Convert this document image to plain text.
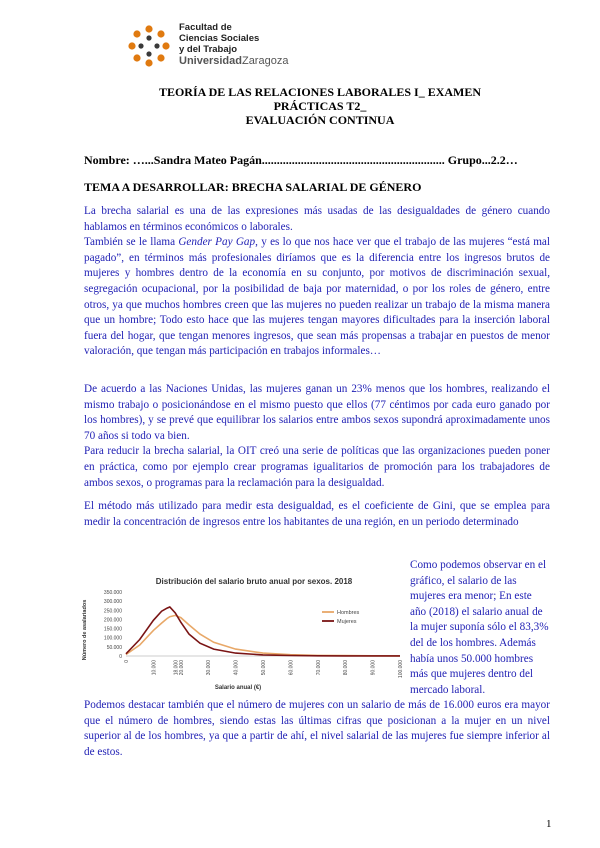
Facultad de
Ciencias Sociales
y del Trabajo
UniversidadZaragoza
TEORÍA DE LAS RELACIONES LABORALES I_ EXAMEN
PRÁCTICAS T2_
EVALUACIÓN CONTINUA
Nombre: …...Sandra Mateo Pagán............................................................. Grupo...2.2…
TEMA A DESARROLLAR: BRECHA SALARIAL DE GÉNERO

La brecha salarial es una de las expresiones más usadas de las desigualdades de género cuando hablamos en términos económicos o laborales.

También se le llama Gender Pay Gap, y es lo que nos hace ver que el trabajo de las mujeres “está mal pagado”, en términos más profesionales diríamos que es la diferencia entre los ingresos brutos de mujeres y hombres dentro de la economía en su conjunto, por motivos de discriminación sexual, segregación ocupacional, por la posibilidad de baja por maternidad, o por los roles de género, entre otros, ya que muchos hombres creen que las mujeres no pueden realizar un trabajo de la misma manera que un hombre; Todo esto hace que las mujeres tengan mayores dificultades para la inserción laboral fuera del hogar, que tengan menores ingresos, que sean más propensas a trabajar en puestos de menor valoración, que tengan más participación en trabajos informales…

De acuerdo a las Naciones Unidas, las mujeres ganan un 23% menos que los hombres, realizando el mismo trabajo o posicionándose en el mismo puesto que ellos (77 céntimos por cada euro ganado por los hombres), y se prevé que equilibrar los salarios entre ambos sexos supondrá aproximadamente unos 70 años si todo va bien.

Para reducir la brecha salarial, la OIT creó una serie de políticas que las organizaciones pueden poner en práctica, como por ejemplo crear programas igualitarios de promoción para los trabajadores de ambos sexos, o programas para la reclamación para la desigualdad.

El método más utilizado para medir esta desigualdad, es el coeficiente de Gini, que se emplea para medir la concentración de ingresos entre los habitantes de una región, en un periodo determinado

Distribución del salario bruto anual por sexos. 2018
Número de asalariados
Salario anual (€)
350.000
300.000
250.000
200.000
150.000
100.000
50.000
0
0	10.000	18.000 20.000	30.000	40.000	50.000	60.000	70.000	80.000	90.000	100.000
Hombres
Mujeres
Como podemos observar en el gráfico, el salario de las mujeres era menor; En este año (2018) el salario anual de la mujer suponía sólo el 83,3% del de los hombres. Además había unos 50.000 hombres más que mujeres dentro del mercado laboral.

Podemos destacar también que el número de mujeres con un salario de más de 16.000 euros era mayor que el número de hombres, siendo estas las últimas cifras que posicionan a la mujer en un nivel superior al de los hombres, ya que a partir de ahí, el nivel salarial de las mujeres fue siempre inferior al de estos.

1
